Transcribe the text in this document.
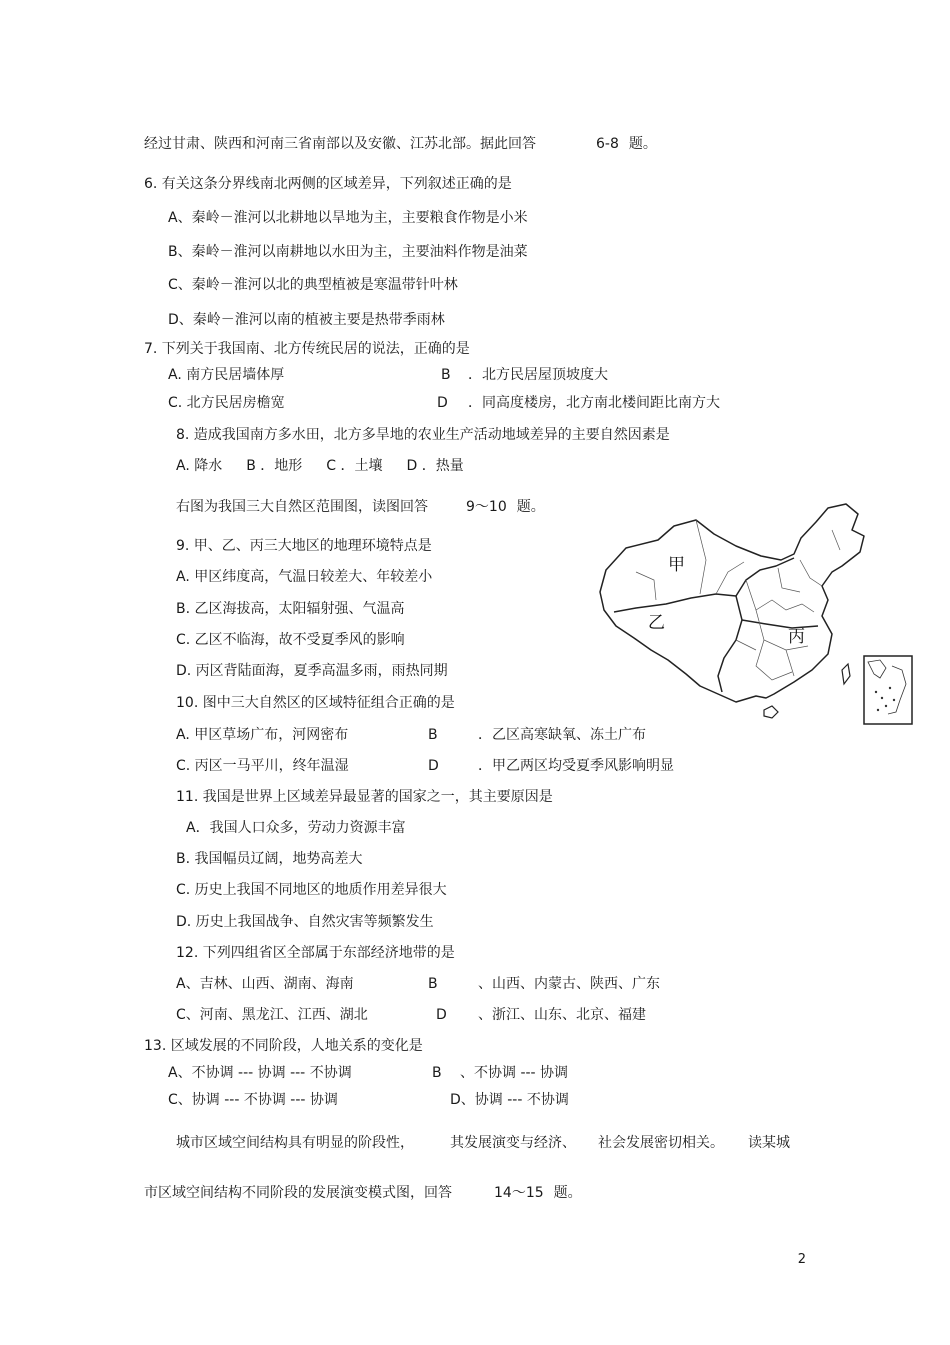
经过甘肃、陕西和河南三省南部以及安徽、江苏北部。据此回答	6-8 题。
6. 有关这条分界线南北两侧的区域差异，下列叙述正确的是
A、秦岭－淮河以北耕地以旱地为主，主要粮食作物是小米
B、秦岭－淮河以南耕地以水田为主，主要油料作物是油菜
C、秦岭－淮河以北的典型植被是寒温带针叶林
D、秦岭－淮河以南的植被主要是热带季雨林
7. 下列关于我国南、北方传统民居的说法，正确的是
A. 南方民居墙体厚	B ．北方民居屋顶坡度大
C. 北方民居房檐宽	D ．同高度楼房，北方南北楼间距比南方大
8. 造成我国南方多水田，北方多旱地的农业生产活动地域差异的主要自然因素是
A. 降水 B ．地形 C ．土壤 D ．热量
右图为我国三大自然区范围图，读图回答	9～10 题。
9. 甲、乙、丙三大地区的地理环境特点是
A. 甲区纬度高，气温日较差大、年较差小
B. 乙区海拔高，太阳辐射强、气温高
C. 乙区不临海，故不受夏季风的影响
D. 丙区背陆面海，夏季高温多雨，雨热同期
甲
乙
丙
10. 图中三大自然区的区域特征组合正确的是
A. 甲区草场广布，河网密布	B	．乙区高寒缺氧、冻土广布
C. 丙区一马平川，终年温湿	D	．甲乙两区均受夏季风影响明显
11. 我国是世界上区域差异最显著的国家之一，其主要原因是
A．我国人口众多，劳动力资源丰富
B. 我国幅员辽阔，地势高差大
C. 历史上我国不同地区的地质作用差异很大
D. 历史上我国战争、自然灾害等频繁发生
12. 下列四组省区全部属于东部经济地带的是
A、吉林、山西、湖南、海南	B	、山西、内蒙古、陕西、广东
C、河南、黑龙江、江西、湖北	D 、浙江、山东、北京、福建
13. 区域发展的不同阶段，人地关系的变化是
A、不协调 --- 协调 --- 不协调	B 、不协调 --- 协调
C、协调 --- 不协调 --- 协调	D、协调 --- 不协调
城市区域空间结构具有明显的阶段性，	其发展演变与经济、 社会发展密切相关。 读某城
市区域空间结构不同阶段的发展演变模式图，回答	14～15 题。
2
